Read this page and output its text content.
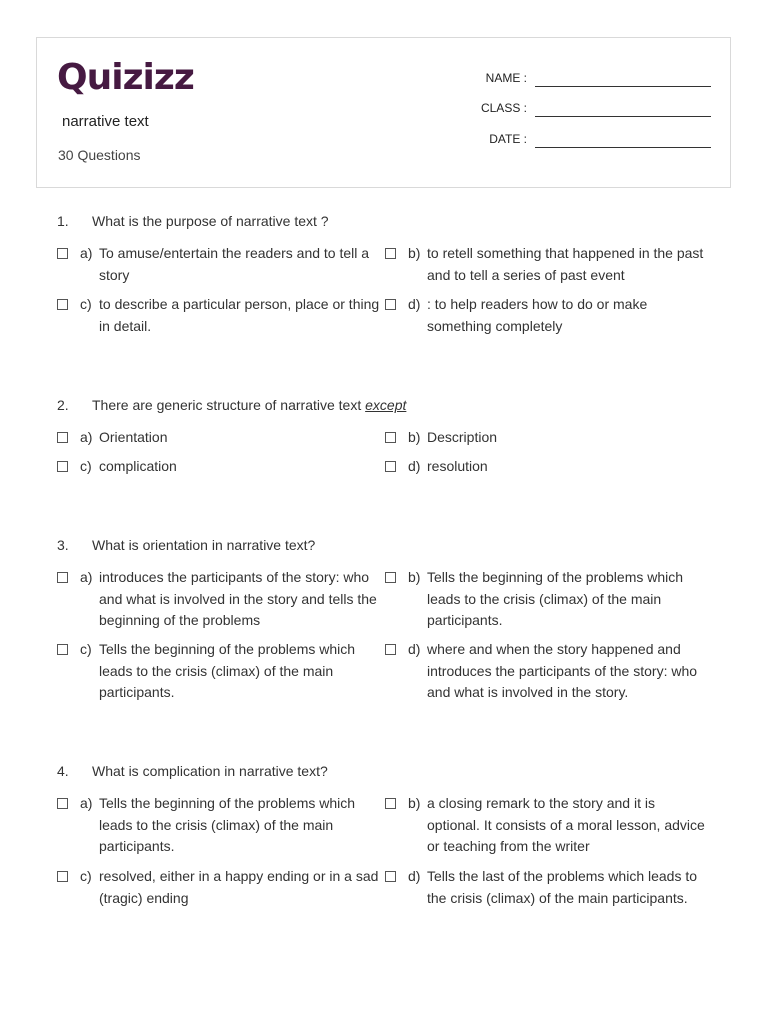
Quizizz
narrative text
30 Questions
NAME :
CLASS :
DATE :
1. What is the purpose of narrative text ?
a) To amuse/entertain the readers and to tell a story
b) to retell something that happened in the past and to tell a series of past event
c) to describe a particular person, place or thing in detail.
d) : to help readers how to do or make something completely
2. There are generic structure of narrative text except
a) Orientation	b) Description
c) complication	d) resolution
3. What is orientation in narrative text?
a) introduces the participants of the story: who and what is involved in the story and tells the beginning of the problems
b) Tells the beginning of the problems which leads to the crisis (climax) of the main participants.
c) Tells the beginning of the problems which leads to the crisis (climax) of the main participants.
d) where and when the story happened and introduces the participants of the story: who and what is involved in the story.
4. What is complication in narrative text?
a) Tells the beginning of the problems which leads to the crisis (climax) of the main participants.
b) a closing remark to the story and it is optional. It consists of a moral lesson, advice or teaching from the writer
c) resolved, either in a happy ending or in a sad (tragic) ending
d) Tells the last of the problems which leads to the crisis (climax) of the main participants.
